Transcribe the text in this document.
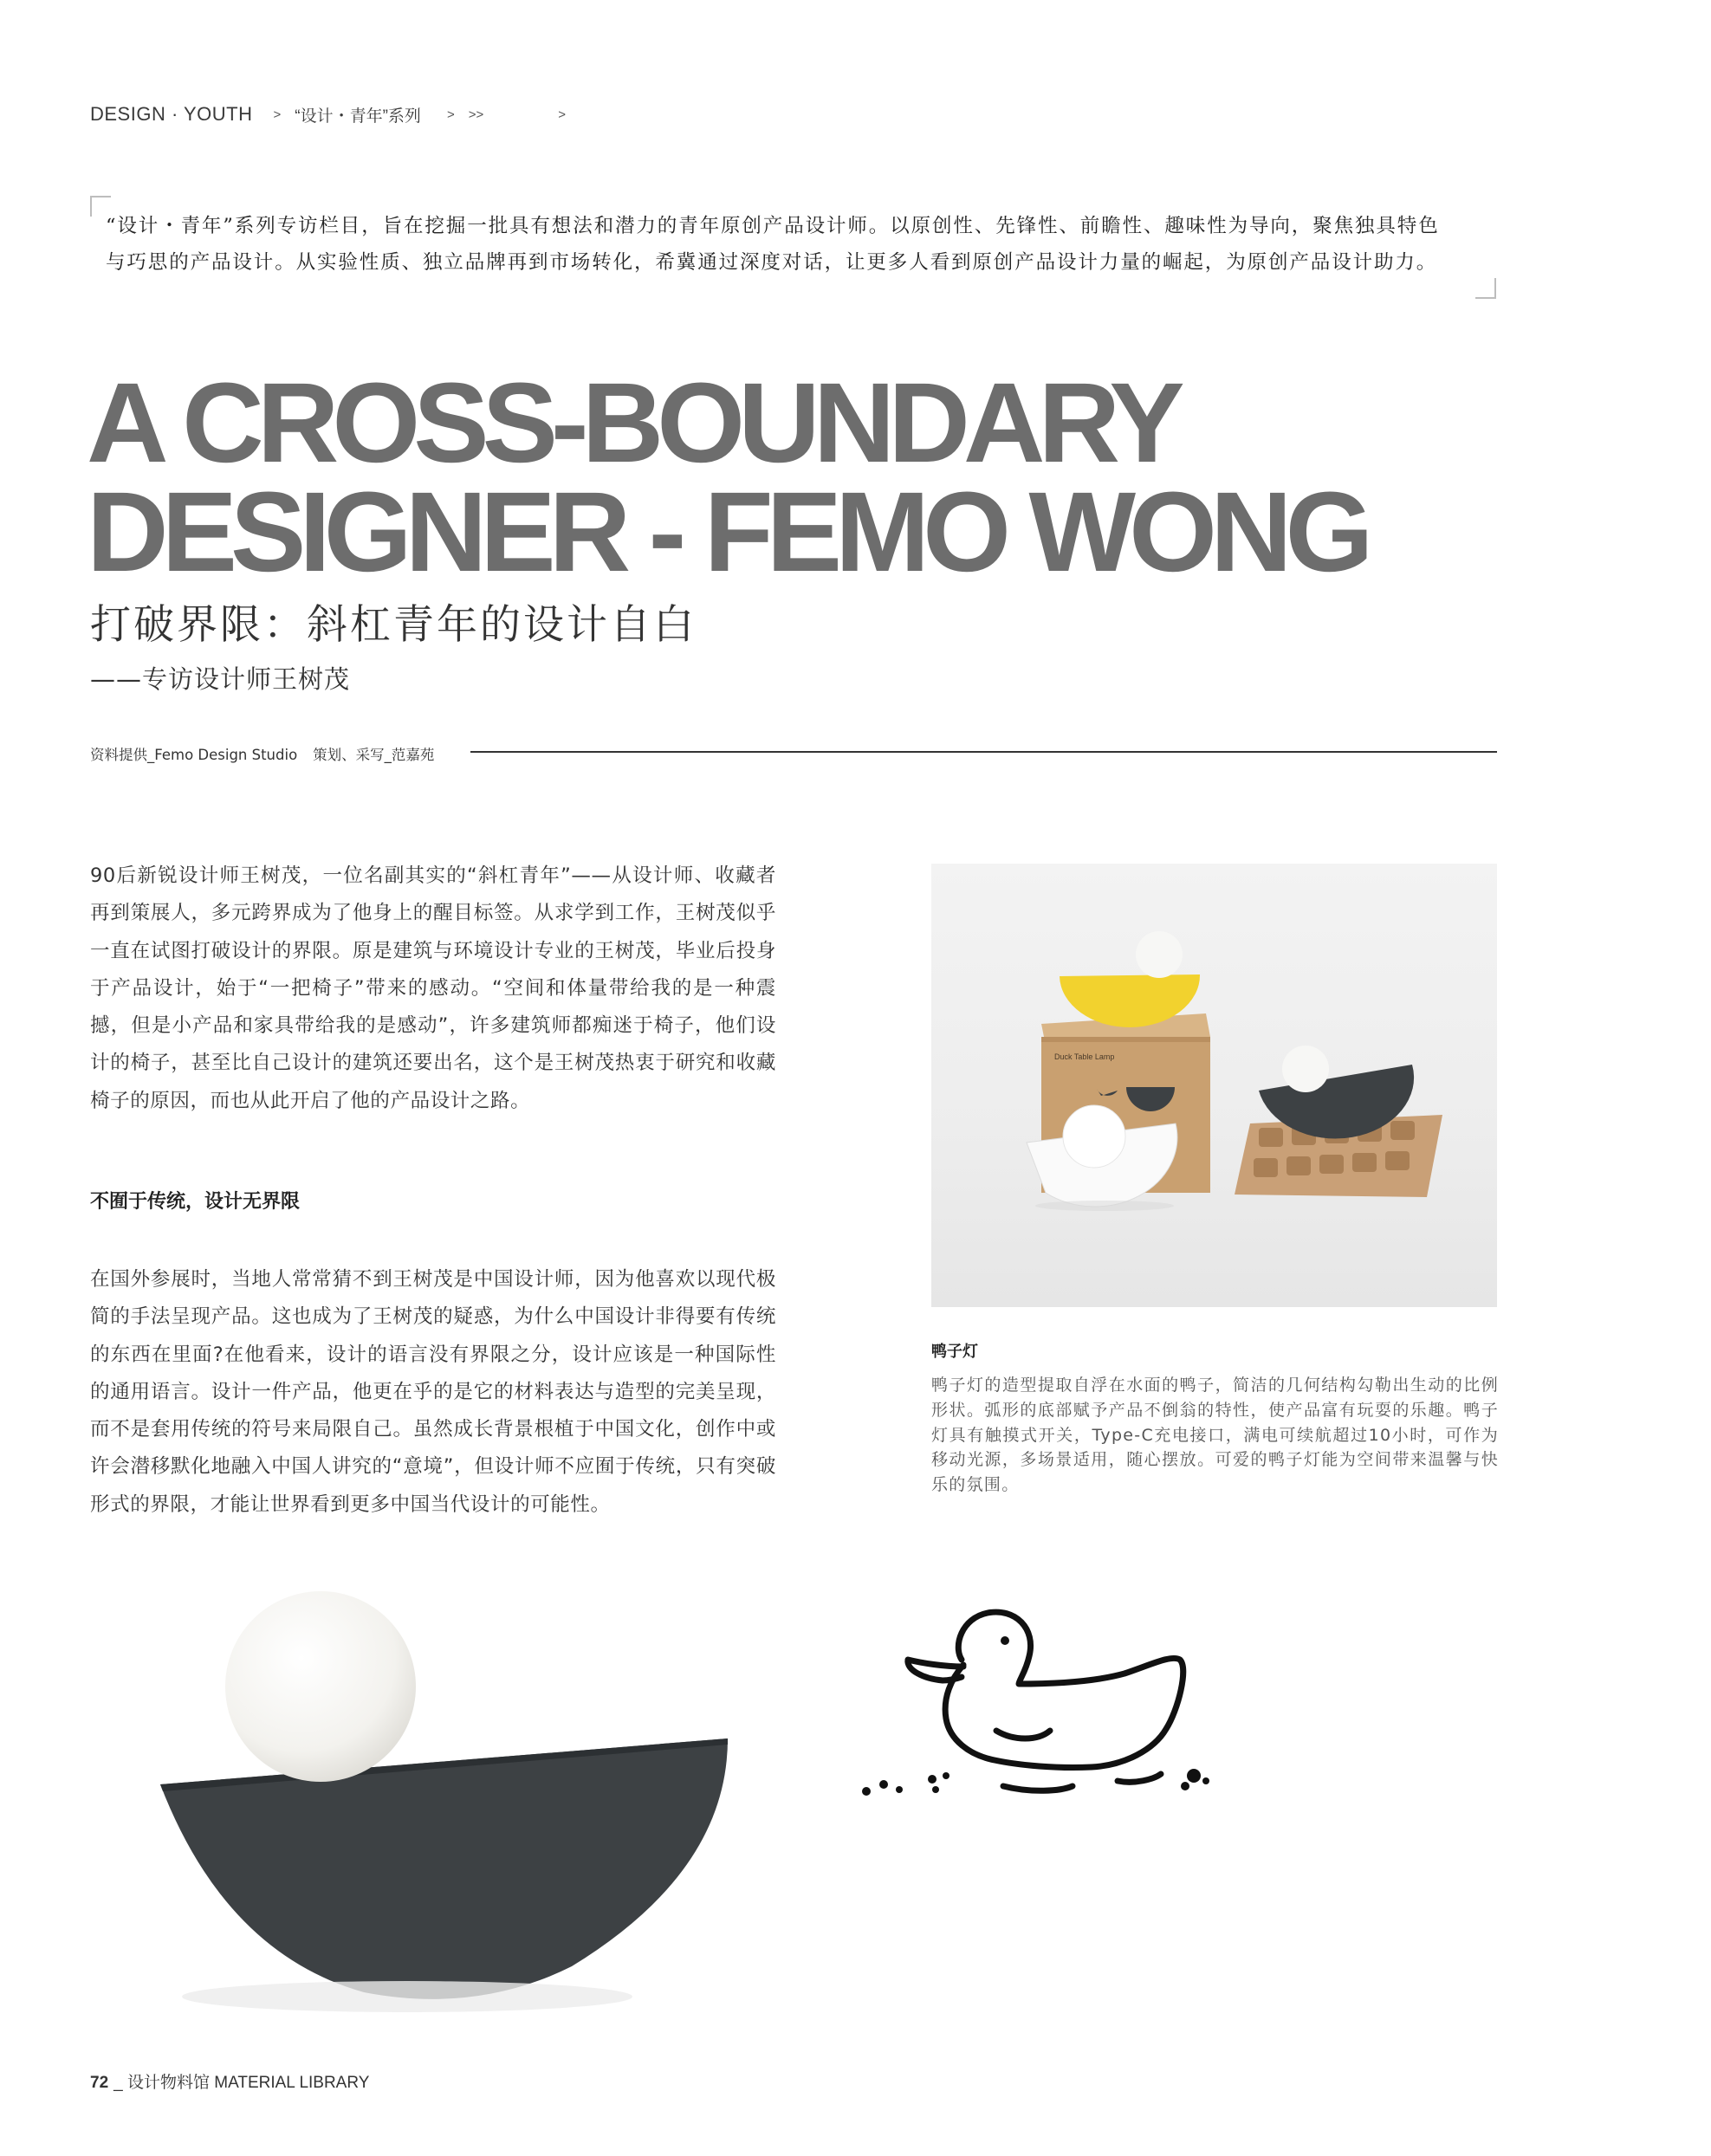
DESIGN · YOUTH > “设计・青年”系列 > >>	>
“设计・青年”系列专访栏目，旨在挖掘一批具有想法和潜力的青年原创产品设计师。以原创性、先锋性、前瞻性、趣味性为导向，聚焦独具特色
与巧思的产品设计。从实验性质、独立品牌再到市场转化，希冀通过深度对话，让更多人看到原创产品设计力量的崛起，为原创产品设计助力。
A CROSS-BOUNDARY
DESIGNER - FEMO WONG
打破界限：斜杠青年的设计自白
——专访设计师王树茂
资料提供_Femo Design Studio 策划、采写_范嘉苑
90后新锐设计师王树茂，一位名副其实的“斜杠青年”——从设计师、收藏者再到策展人，多元跨界成为了他身上的醒目标签。从求学到工作，王树茂似乎一直在试图打破设计的界限。原是建筑与环境设计专业的王树茂，毕业后投身于产品设计，始于“一把椅子”带来的感动。“空间和体量带给我的是一种震撼，但是小产品和家具带给我的是感动”，许多建筑师都痴迷于椅子，他们设计的椅子，甚至比自己设计的建筑还要出名，这个是王树茂热衷于研究和收藏椅子的原因，而也从此开启了他的产品设计之路。
不囿于传统，设计无界限
在国外参展时，当地人常常猜不到王树茂是中国设计师，因为他喜欢以现代极简的手法呈现产品。这也成为了王树茂的疑惑，为什么中国设计非得要有传统的东西在里面?在他看来，设计的语言没有界限之分，设计应该是一种国际性的通用语言。设计一件产品，他更在乎的是它的材料表达与造型的完美呈现，而不是套用传统的符号来局限自己。虽然成长背景根植于中国文化，创作中或许会潜移默化地融入中国人讲究的“意境”，但设计师不应囿于传统，只有突破形式的界限，才能让世界看到更多中国当代设计的可能性。
Duck Table Lamp
鸭子灯
鸭子灯的造型提取自浮在水面的鸭子，简洁的几何结构勾勒出生动的比例形状。弧形的底部赋予产品不倒翁的特性，使产品富有玩耍的乐趣。鸭子灯具有触摸式开关，Type-C充电接口，满电可续航超过10小时，可作为移动光源，多场景适用，随心摆放。可爱的鸭子灯能为空间带来温馨与快乐的氛围。
72 _ 设计物料馆 MATERIAL LIBRARY
